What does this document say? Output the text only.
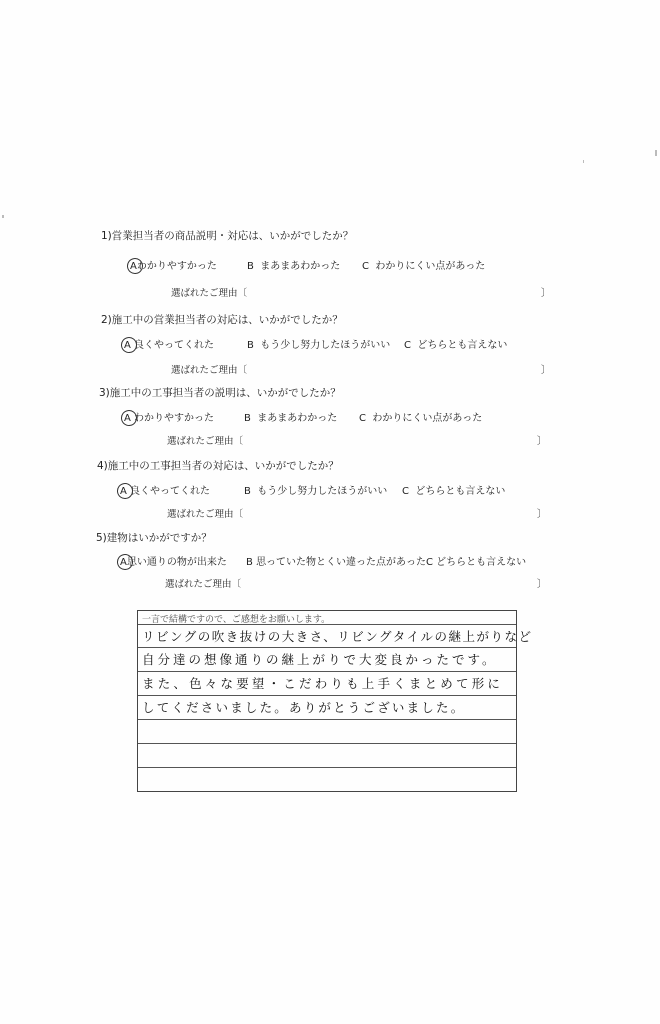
1)営業担当者の商品説明・対応は、いかがでしたか？
Aわかりやすかった	B まあまあわかった C わかりにくい点があった
選ばれたご理由〔	〕
2)施工中の営業担当者の対応は、いかがでしたか？
A 良くやってくれた	B もう少し努力したほうがいい C どちらとも言えない
選ばれたご理由〔	〕
3)施工中の工事担当者の説明は、いかがでしたか？
A わかりやすかった	B まあまあわかった C わかりにくい点があった
選ばれたご理由〔	〕
4)施工中の工事担当者の対応は、いかがでしたか？
A 良くやってくれた	B もう少し努力したほうがいい C どちらとも言えない
選ばれたご理由〔	〕
5)建物はいかがですか？
A思い通りの物が出来た B 思っていた物とくい違った点があった C どちらとも言えない
選ばれたご理由〔	〕
一言で結構ですので、ご感想をお願いします。
リビングの吹き抜けの大きさ、リビングタイルの継上がりなど
自分達の想像通りの継上がりで大変良かったです。
また、色々な要望・こだわりも上手くまとめて形に
してくださいました。ありがとうございました。
